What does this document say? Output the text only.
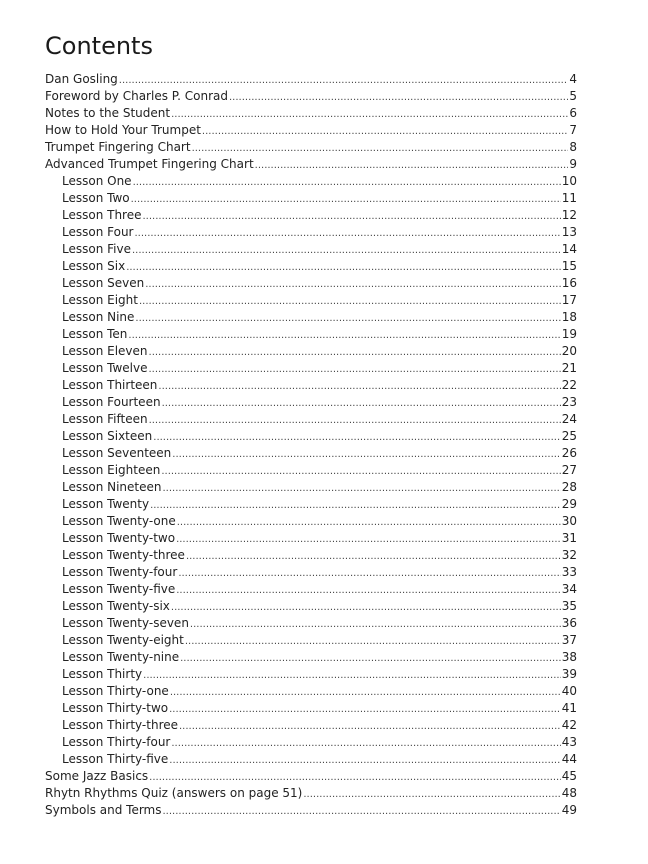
Contents
Dan Gosling .....	4
Foreword by Charles P. Conrad .....	5
Notes to the Student .....	6
How to Hold Your Trumpet .....	7
Trumpet Fingering Chart .....	8
Advanced Trumpet Fingering Chart .....	9
Lesson One .....	10
Lesson Two .....	11
Lesson Three .....	12
Lesson Four .....	13
Lesson Five .....	14
Lesson Six .....	15
Lesson Seven .....	16
Lesson Eight .....	17
Lesson Nine .....	18
Lesson Ten .....	19
Lesson Eleven .....	20
Lesson Twelve .....	21
Lesson Thirteen .....	22
Lesson Fourteen .....	23
Lesson Fifteen .....	24
Lesson Sixteen .....	25
Lesson Seventeen .....	26
Lesson Eighteen .....	27
Lesson Nineteen .....	28
Lesson Twenty .....	29
Lesson Twenty-one .....	30
Lesson Twenty-two .....	31
Lesson Twenty-three .....	32
Lesson Twenty-four .....	33
Lesson Twenty-five .....	34
Lesson Twenty-six .....	35
Lesson Twenty-seven .....	36
Lesson Twenty-eight .....	37
Lesson Twenty-nine .....	38
Lesson Thirty .....	39
Lesson Thirty-one .....	40
Lesson Thirty-two .....	41
Lesson Thirty-three .....	42
Lesson Thirty-four .....	43
Lesson Thirty-five .....	44
Some Jazz Basics .....	45
Rhytn Rhythms Quiz (answers on page 51) .....	48
Symbols and Terms .....	49
